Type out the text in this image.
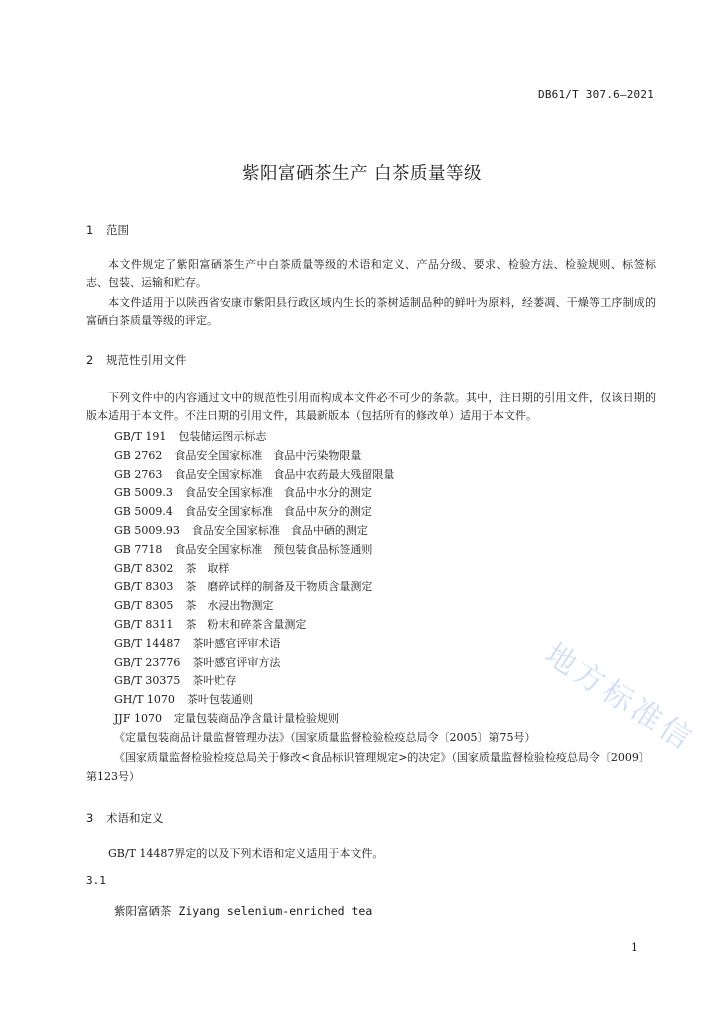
DB61/T 307.6—2021
紫阳富硒茶生产 白茶质量等级
1 范围
本文件规定了紫阳富硒茶生产中白茶质量等级的术语和定义、产品分级、要求、检验方法、检验规则、标签标志、包装、运输和贮存。
本文件适用于以陕西省安康市紫阳县行政区域内生长的茶树适制品种的鲜叶为原料，经萎凋、干燥等工序制成的富硒白茶质量等级的评定。
2 规范性引用文件
下列文件中的内容通过文中的规范性引用而构成本文件必不可少的条款。其中，注日期的引用文件，仅该日期的版本适用于本文件。不注日期的引用文件，其最新版本（包括所有的修改单）适用于本文件。
GB/T 191 包装储运图示标志
GB 2762 食品安全国家标准　食品中污染物限量
GB 2763 食品安全国家标准　食品中农药最大残留限量
GB 5009.3 食品安全国家标准　食品中水分的测定
GB 5009.4 食品安全国家标准　食品中灰分的测定
GB 5009.93 食品安全国家标准　食品中硒的测定
GB 7718 食品安全国家标准　预包装食品标签通则
GB/T 8302 茶　取样
GB/T 8303 茶　磨碎试样的制备及干物质含量测定
GB/T 8305 茶　水浸出物测定
GB/T 8311 茶　粉末和碎茶含量测定
GB/T 14487 茶叶感官评审术语
GB/T 23776 茶叶感官评审方法
GB/T 30375 茶叶贮存
GH/T 1070 茶叶包装通则
JJF 1070 定量包装商品净含量计量检验规则
《定量包装商品计量监督管理办法》（国家质量监督检验检疫总局令〔2005〕第75号）
《国家质量监督检验检疫总局关于修改<食品标识管理规定>的决定》（国家质量监督检验检疫总局令〔2009〕第123号）
3 术语和定义
GB/T 14487界定的以及下列术语和定义适用于本文件。
3.1
紫阳富硒茶 Ziyang selenium-enriched tea
1
地方标准信
